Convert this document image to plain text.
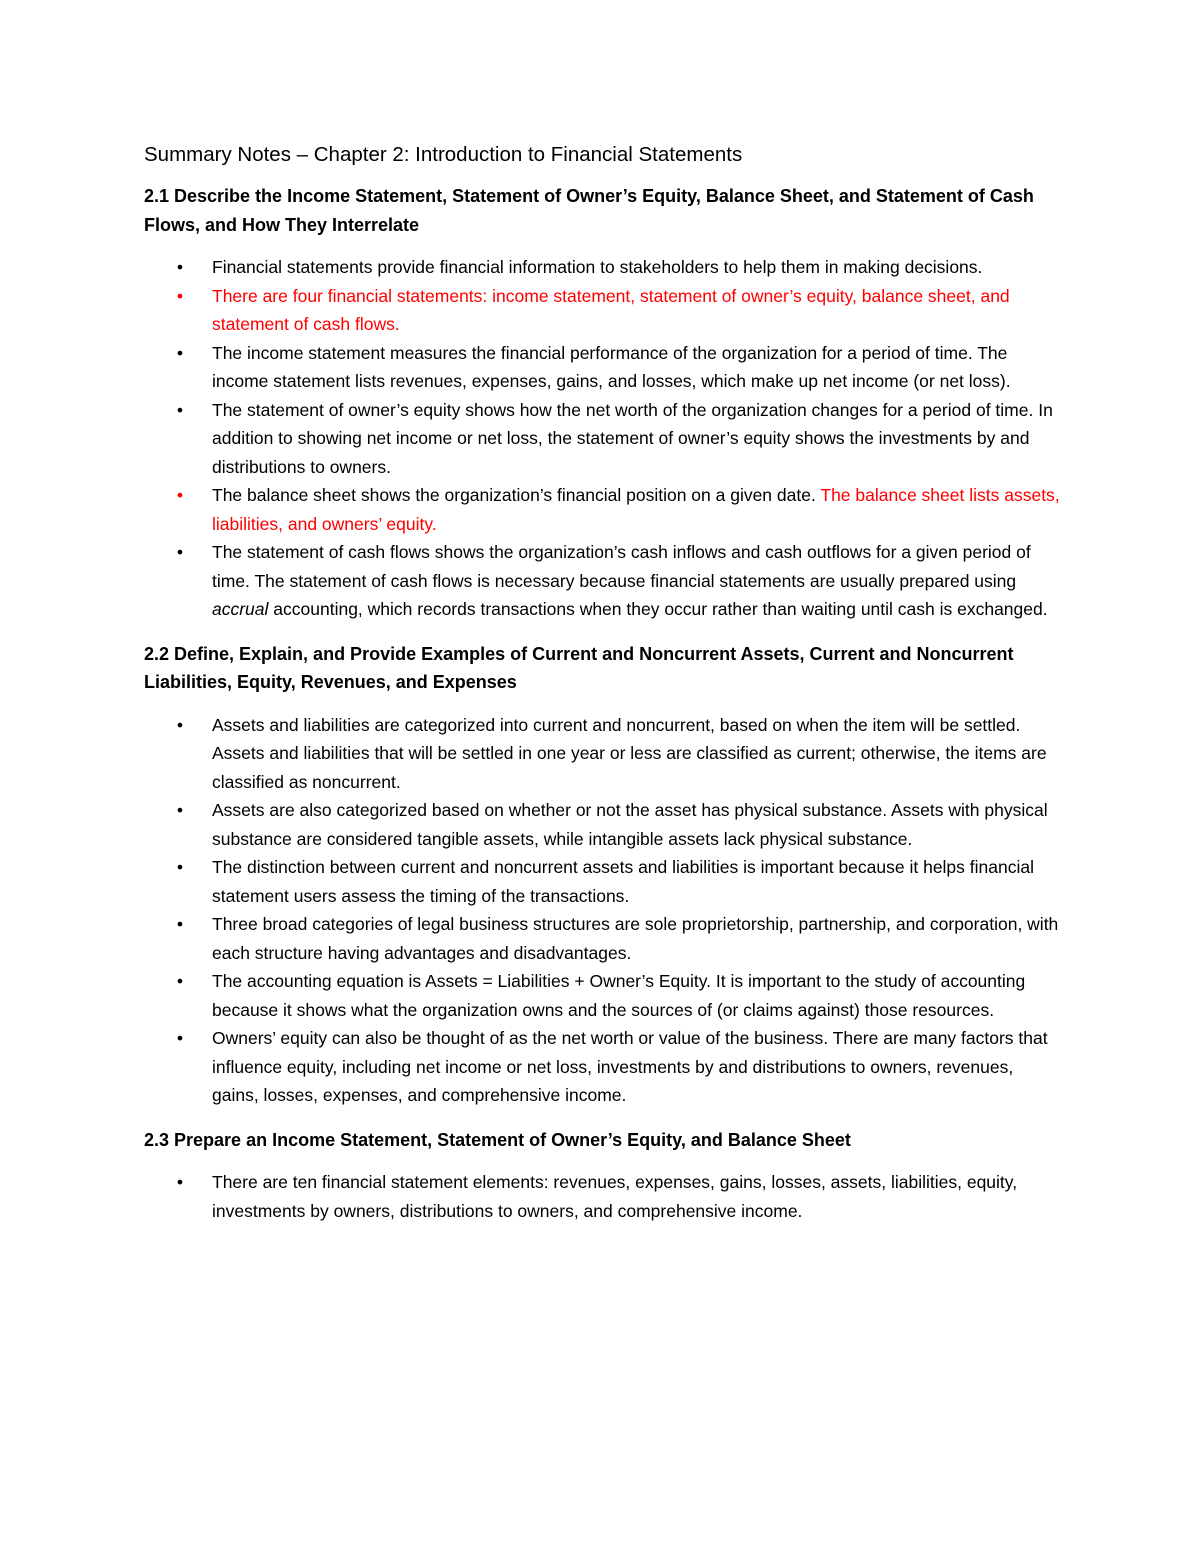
Summary Notes – Chapter 2: Introduction to Financial Statements
2.1 Describe the Income Statement, Statement of Owner’s Equity, Balance Sheet, and Statement of Cash Flows, and How They Interrelate
• Financial statements provide financial information to stakeholders to help them in making decisions.
• There are four financial statements: income statement, statement of owner’s equity, balance sheet, and statement of cash flows.
• The income statement measures the financial performance of the organization for a period of time. The income statement lists revenues, expenses, gains, and losses, which make up net income (or net loss).
• The statement of owner’s equity shows how the net worth of the organization changes for a period of time. In addition to showing net income or net loss, the statement of owner’s equity shows the investments by and distributions to owners.
• The balance sheet shows the organization’s financial position on a given date. The balance sheet lists assets, liabilities, and owners’ equity.
• The statement of cash flows shows the organization’s cash inflows and cash outflows for a given period of time. The statement of cash flows is necessary because financial statements are usually prepared using accrual accounting, which records transactions when they occur rather than waiting until cash is exchanged.
2.2 Define, Explain, and Provide Examples of Current and Noncurrent Assets, Current and Noncurrent Liabilities, Equity, Revenues, and Expenses
• Assets and liabilities are categorized into current and noncurrent, based on when the item will be settled. Assets and liabilities that will be settled in one year or less are classified as current; otherwise, the items are classified as noncurrent.
• Assets are also categorized based on whether or not the asset has physical substance. Assets with physical substance are considered tangible assets, while intangible assets lack physical substance.
• The distinction between current and noncurrent assets and liabilities is important because it helps financial statement users assess the timing of the transactions.
• Three broad categories of legal business structures are sole proprietorship, partnership, and corporation, with each structure having advantages and disadvantages.
• The accounting equation is Assets = Liabilities + Owner’s Equity. It is important to the study of accounting because it shows what the organization owns and the sources of (or claims against) those resources.
• Owners’ equity can also be thought of as the net worth or value of the business. There are many factors that influence equity, including net income or net loss, investments by and distributions to owners, revenues, gains, losses, expenses, and comprehensive income.
2.3 Prepare an Income Statement, Statement of Owner’s Equity, and Balance Sheet
• There are ten financial statement elements: revenues, expenses, gains, losses, assets, liabilities, equity, investments by owners, distributions to owners, and comprehensive income.
